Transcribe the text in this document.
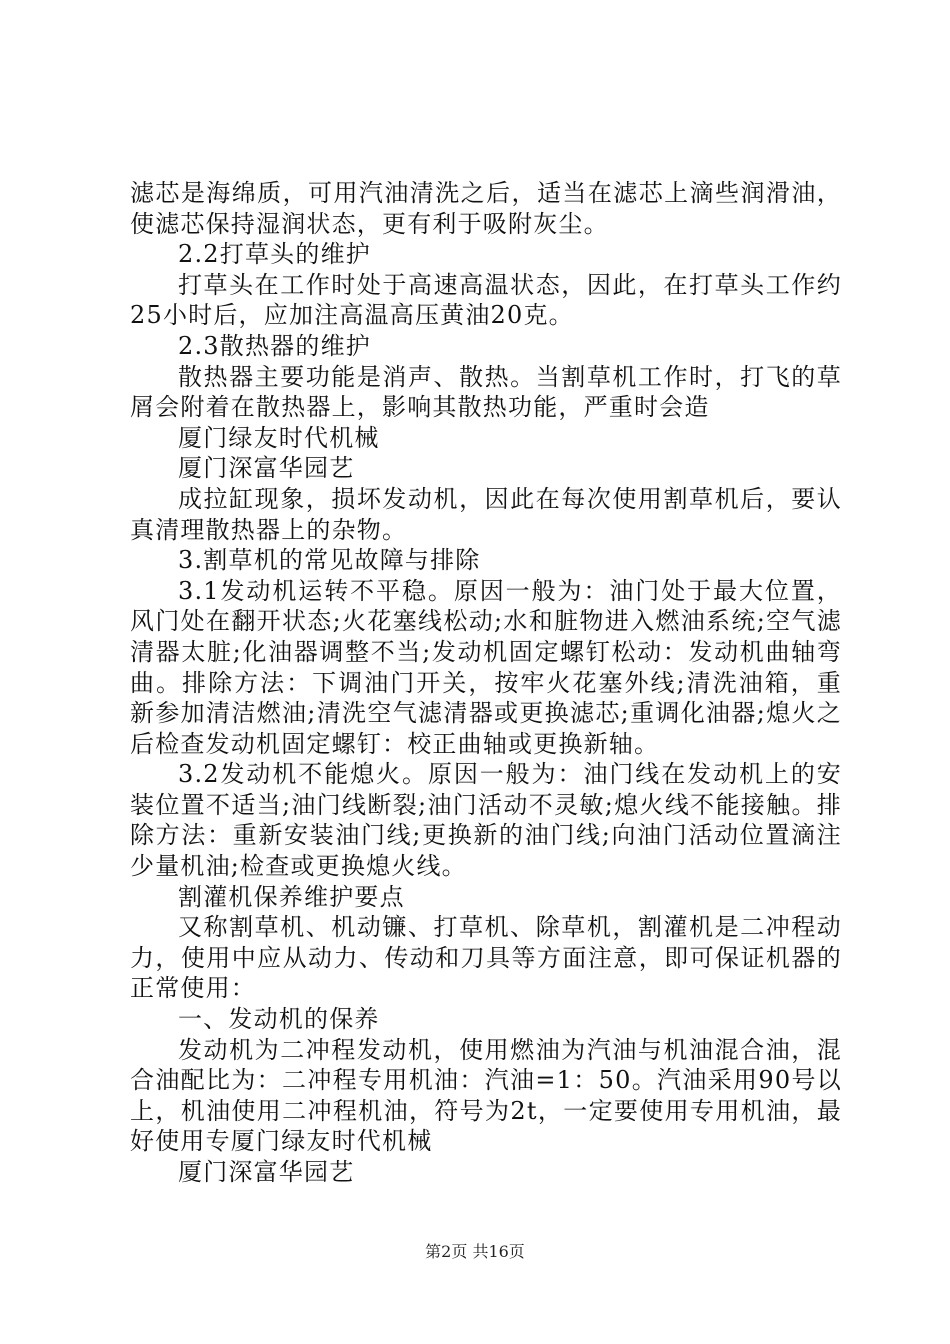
滤芯是海绵质，可用汽油清洗之后，适当在滤芯上滴些润滑油，使滤芯保持湿润状态，更有利于吸附灰尘。

2.2打草头的维护

打草头在工作时处于高速高温状态，因此，在打草头工作约25小时后，应加注高温高压黄油20克。

2.3散热器的维护

散热器主要功能是消声、散热。当割草机工作时，打飞的草屑会附着在散热器上，影响其散热功能，严重时会造

厦门绿友时代机械

厦门深富华园艺

成拉缸现象，损坏发动机，因此在每次使用割草机后，要认真清理散热器上的杂物。

3.割草机的常见故障与排除

3.1发动机运转不平稳。原因一般为：油门处于最大位置，风门处在翻开状态;火花塞线松动;水和脏物进入燃油系统;空气滤清器太脏;化油器调整不当;发动机固定螺钉松动：发动机曲轴弯曲。排除方法：下调油门开关，按牢火花塞外线;清洗油箱，重新参加清洁燃油;清洗空气滤清器或更换滤芯;重调化油器;熄火之后检查发动机固定螺钉：校正曲轴或更换新轴。

3.2发动机不能熄火。原因一般为：油门线在发动机上的安装位置不适当;油门线断裂;油门活动不灵敏;熄火线不能接触。排除方法：重新安装油门线;更换新的油门线;向油门活动位置滴注少量机油;检查或更换熄火线。

割灌机保养维护要点

又称割草机、机动镰、打草机、除草机，割灌机是二冲程动力，使用中应从动力、传动和刀具等方面注意，即可保证机器的正常使用：

一、发动机的保养

发动机为二冲程发动机，使用燃油为汽油与机油混合油，混合油配比为：二冲程专用机油：汽油=1：50。汽油采用90号以上，机油使用二冲程机油，符号为2t，一定要使用专用机油，最好使用专厦门绿友时代机械

厦门深富华园艺

第2页 共16页
